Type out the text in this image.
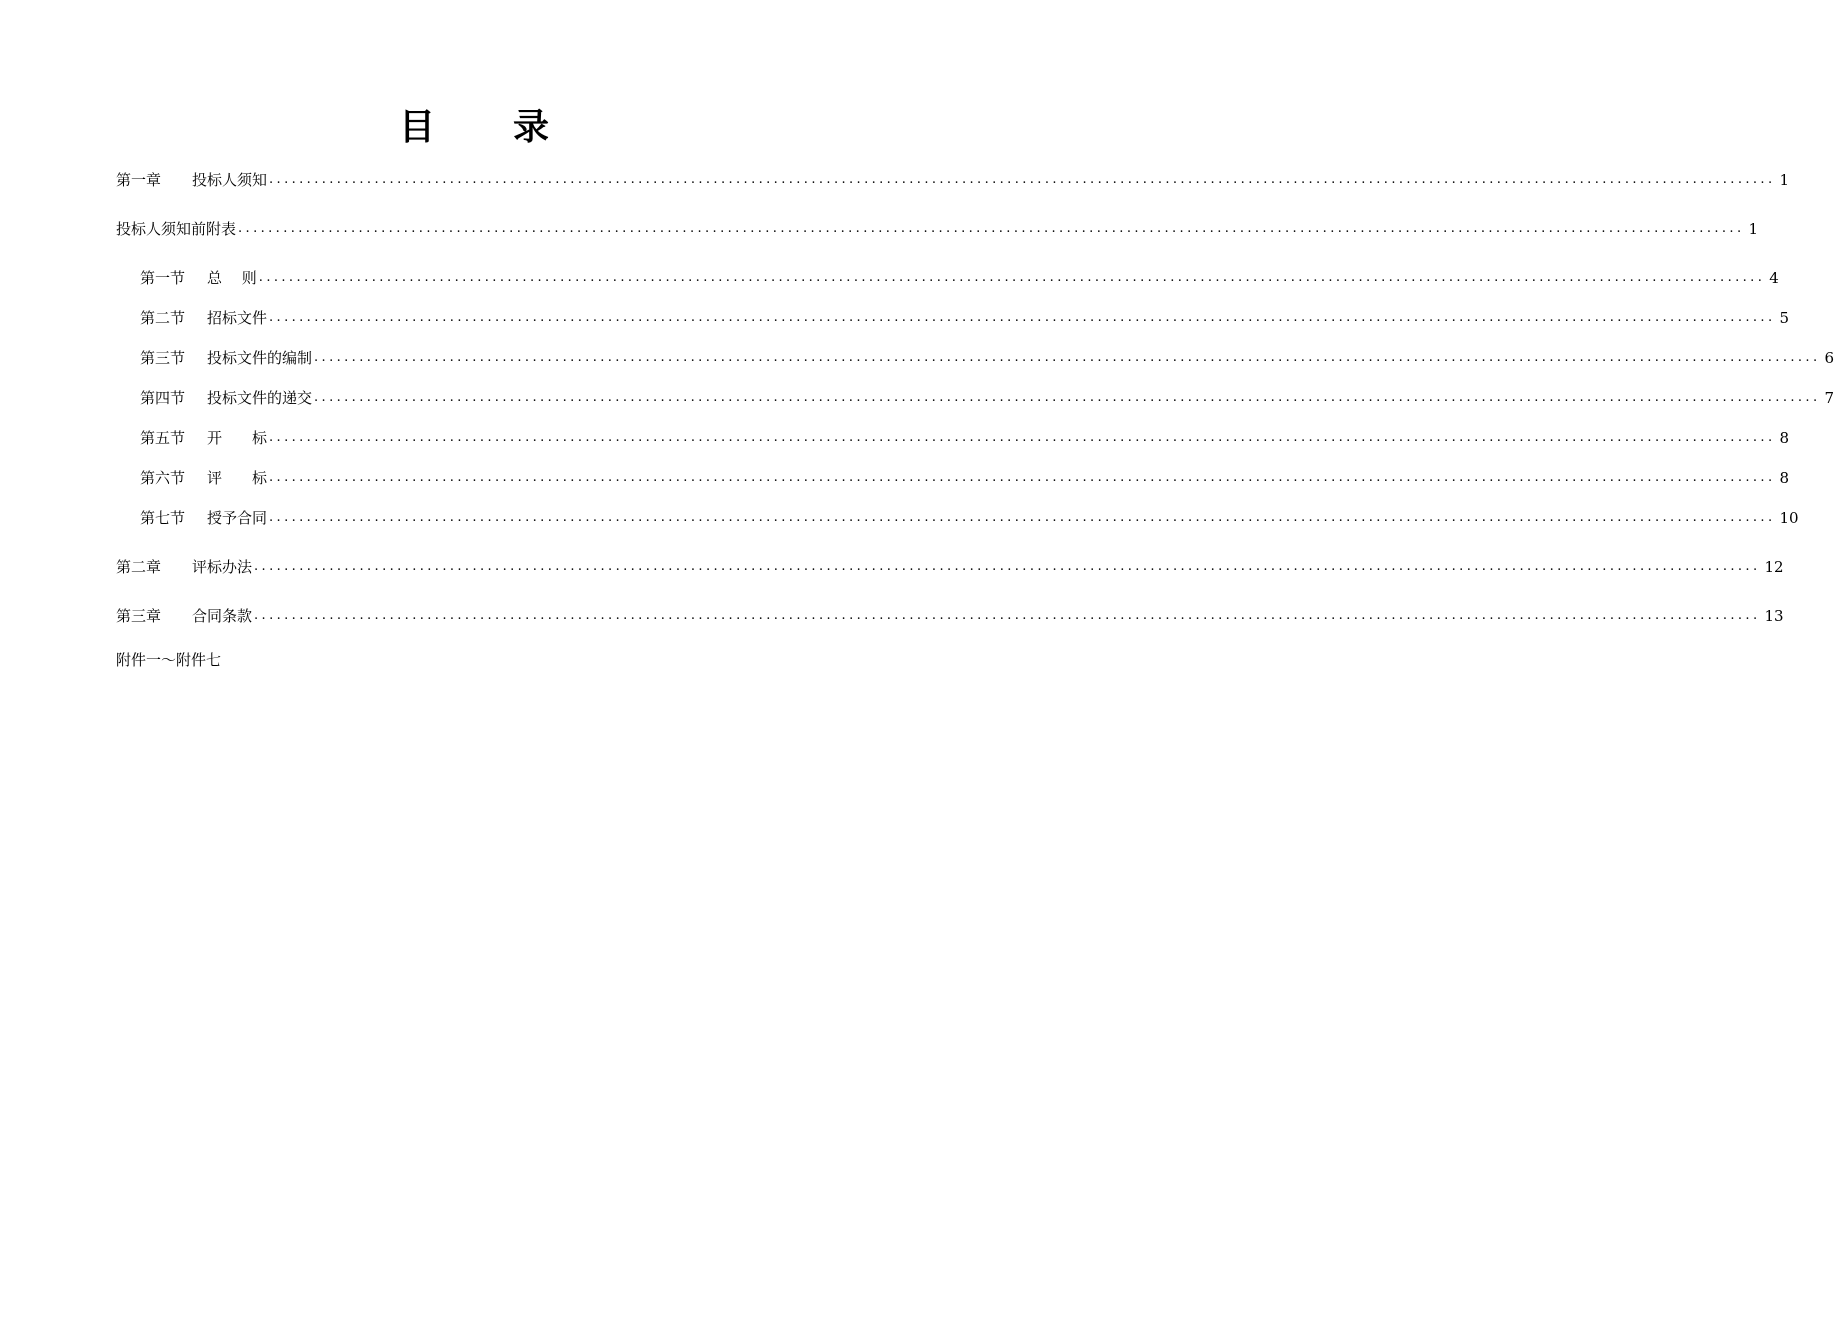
目　　录
第一章	投标人须知 ........................................................................................................................................................................................................ 1
投标人须知前附表 ........................................................................................................................................................................................................ 1
第一节	总　 则 ........................................................................................................................................................................................................ 4
第二节	招标文件 ........................................................................................................................................................................................................ 5
第三节	投标文件的编制 ........................................................................................................................................................................................................ 6
第四节	投标文件的递交 ........................................................................................................................................................................................................ 7
第五节	开　　标 ........................................................................................................................................................................................................ 8
第六节	评　　标 ........................................................................................................................................................................................................ 8
第七节	授予合同 ........................................................................................................................................................................................................ 10
第二章	评标办法 ........................................................................................................................................................................................................ 12
第三章	合同条款 ........................................................................................................................................................................................................ 13
附件一～附件七
